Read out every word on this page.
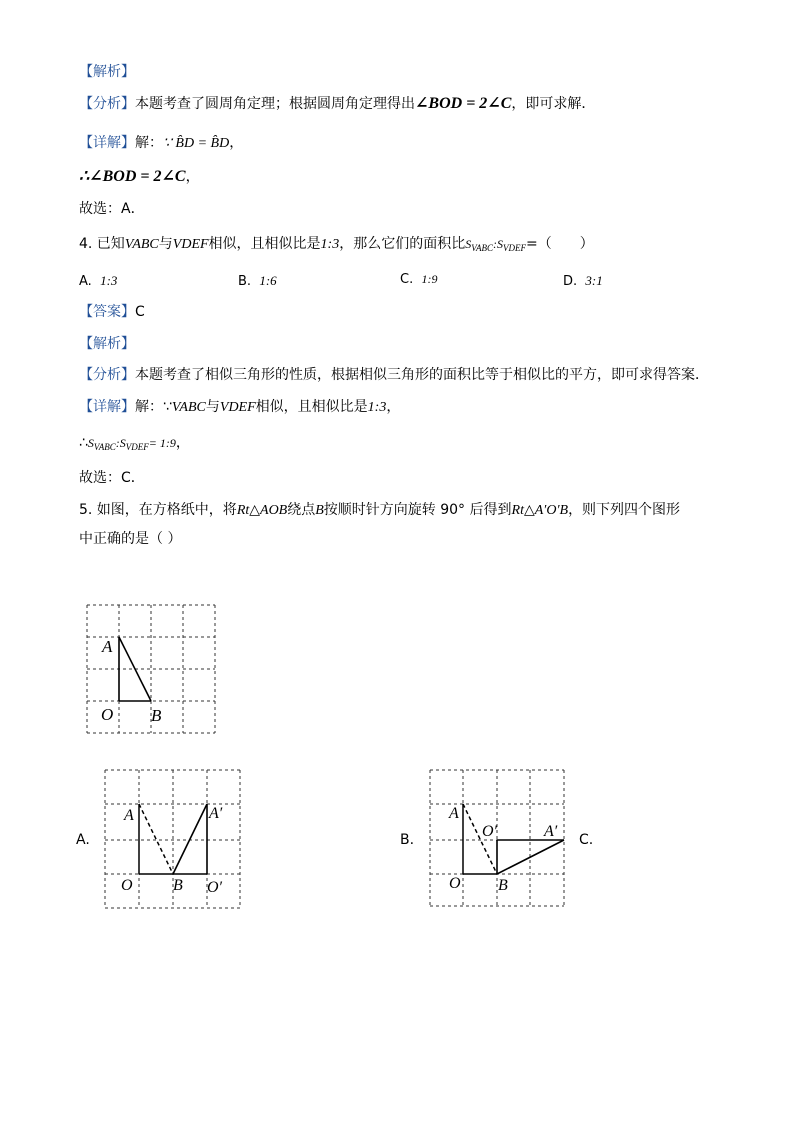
【解析】
【分析】本题考查了圆周角定理；根据圆周角定理得出∠BOD = 2∠C，即可求解．
【详解】解：∵ B̂D = B̂D，
∴∠BOD = 2∠C，
故选：A．
4. 已知VABC与VDEF相似，且相似比是1:3，那么它们的面积比$S_{VABC}:S_{VDEF}=$（　　）
A. 1:3	B. 1:6	C. 1:9	D. 3:1
【答案】C
【解析】
【分析】本题考查了相似三角形的性质，根据相似三角形的面积比等于相似比的平方，即可求得答案．
【详解】解：∵VABC与VDEF相似，且相似比是1:3，
$\therefore S_{VABC}:S_{VDEF}=$ 1:9，
故选：C．
5. 如图，在方格纸中，将Rt△AOB绕点B按顺时针方向旋转 90° 后得到Rt△A′O′B，则下列四个图形
中正确的是（ ）
A
O B
A.
A
O	B
A′
O′
B.
A
O′	A′
O B
C.
